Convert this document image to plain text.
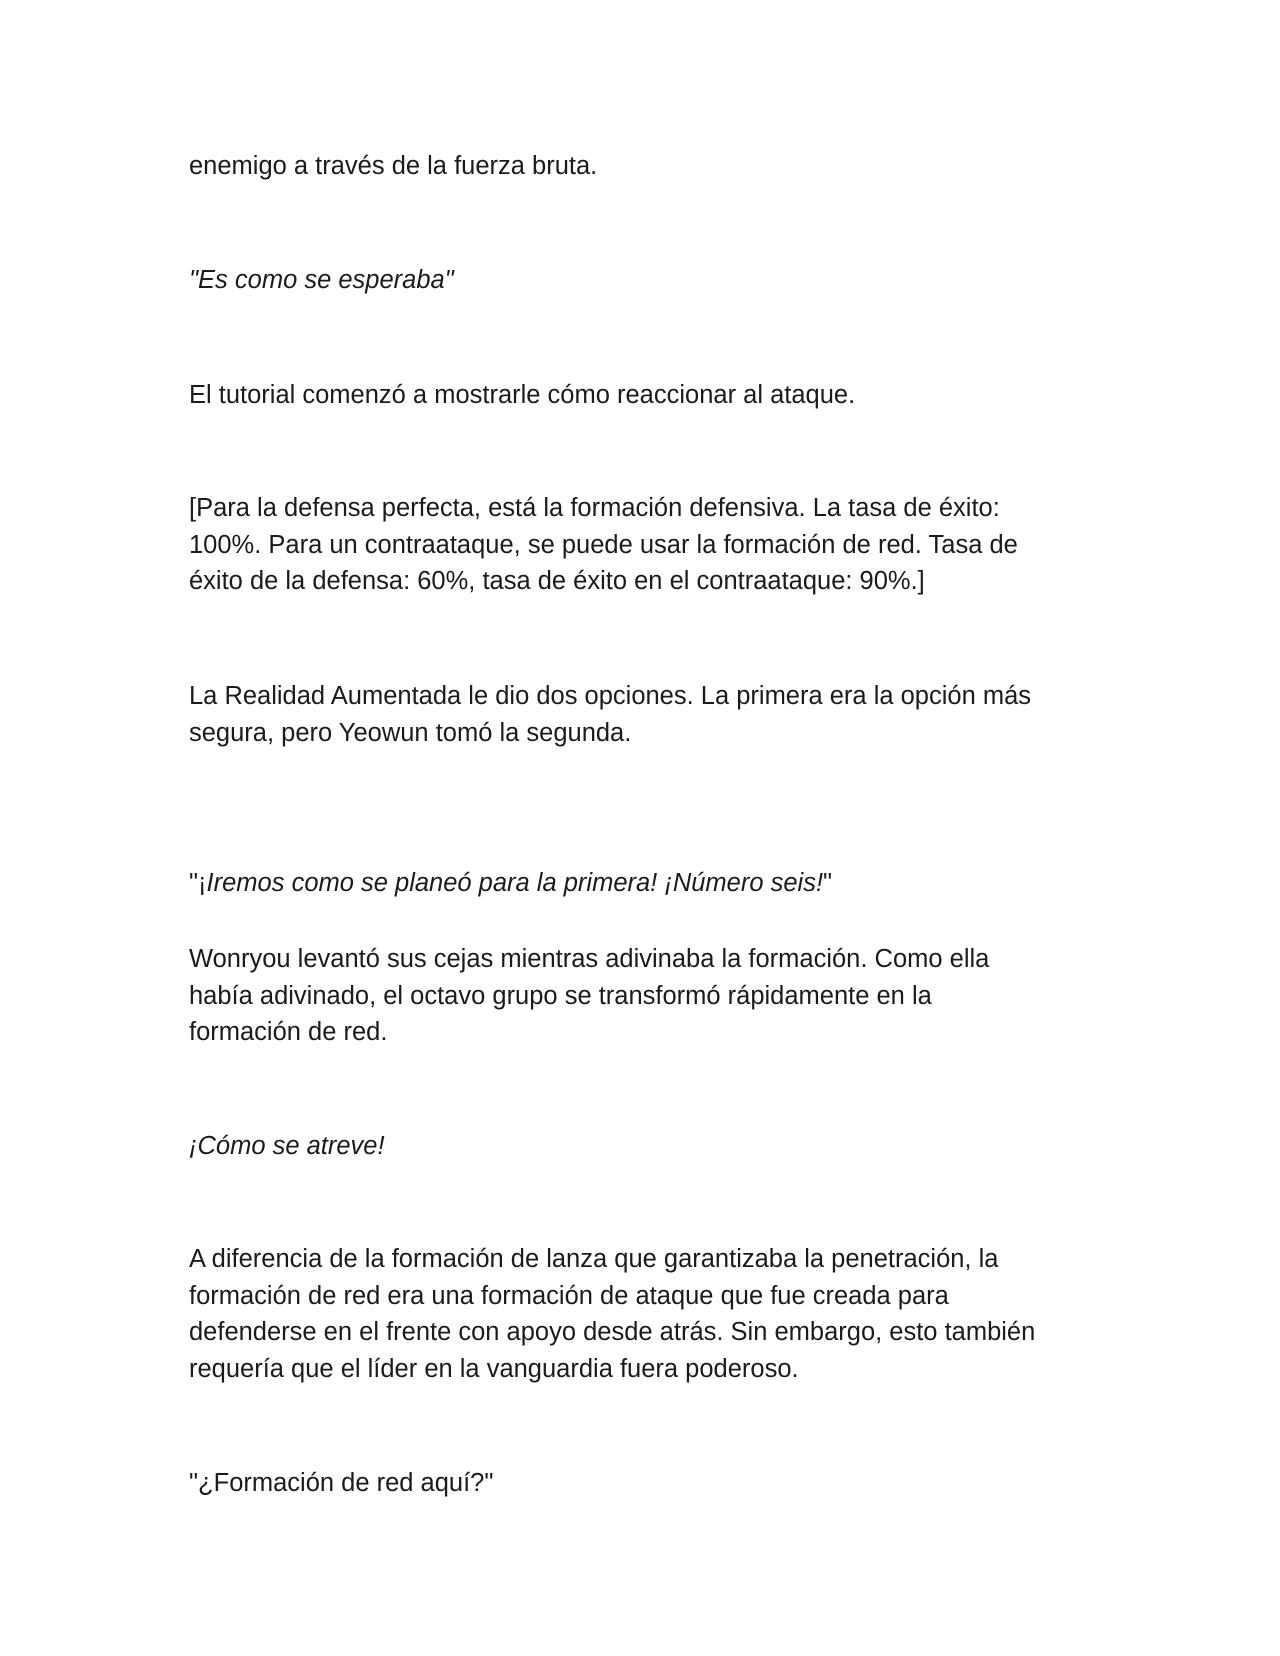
enemigo a través de la fuerza bruta.

"Es como se esperaba"

El tutorial comenzó a mostrarle cómo reaccionar al ataque.

[Para la defensa perfecta, está la formación defensiva. La tasa de éxito:
100%. Para un contraataque, se puede usar la formación de red. Tasa de
éxito de la defensa: 60%, tasa de éxito en el contraataque: 90%.]

La Realidad Aumentada le dio dos opciones. La primera era la opción más
segura, pero Yeowun tomó la segunda.

"¡Iremos como se planeó para la primera! ¡Número seis!"

Wonryou levantó sus cejas mientras adivinaba la formación. Como ella
había adivinado, el octavo grupo se transformó rápidamente en la
formación de red.

¡Cómo se atreve!

A diferencia de la formación de lanza que garantizaba la penetración, la
formación de red era una formación de ataque que fue creada para
defenderse en el frente con apoyo desde atrás. Sin embargo, esto también
requería que el líder en la vanguardia fuera poderoso.

"¿Formación de red aquí?"
